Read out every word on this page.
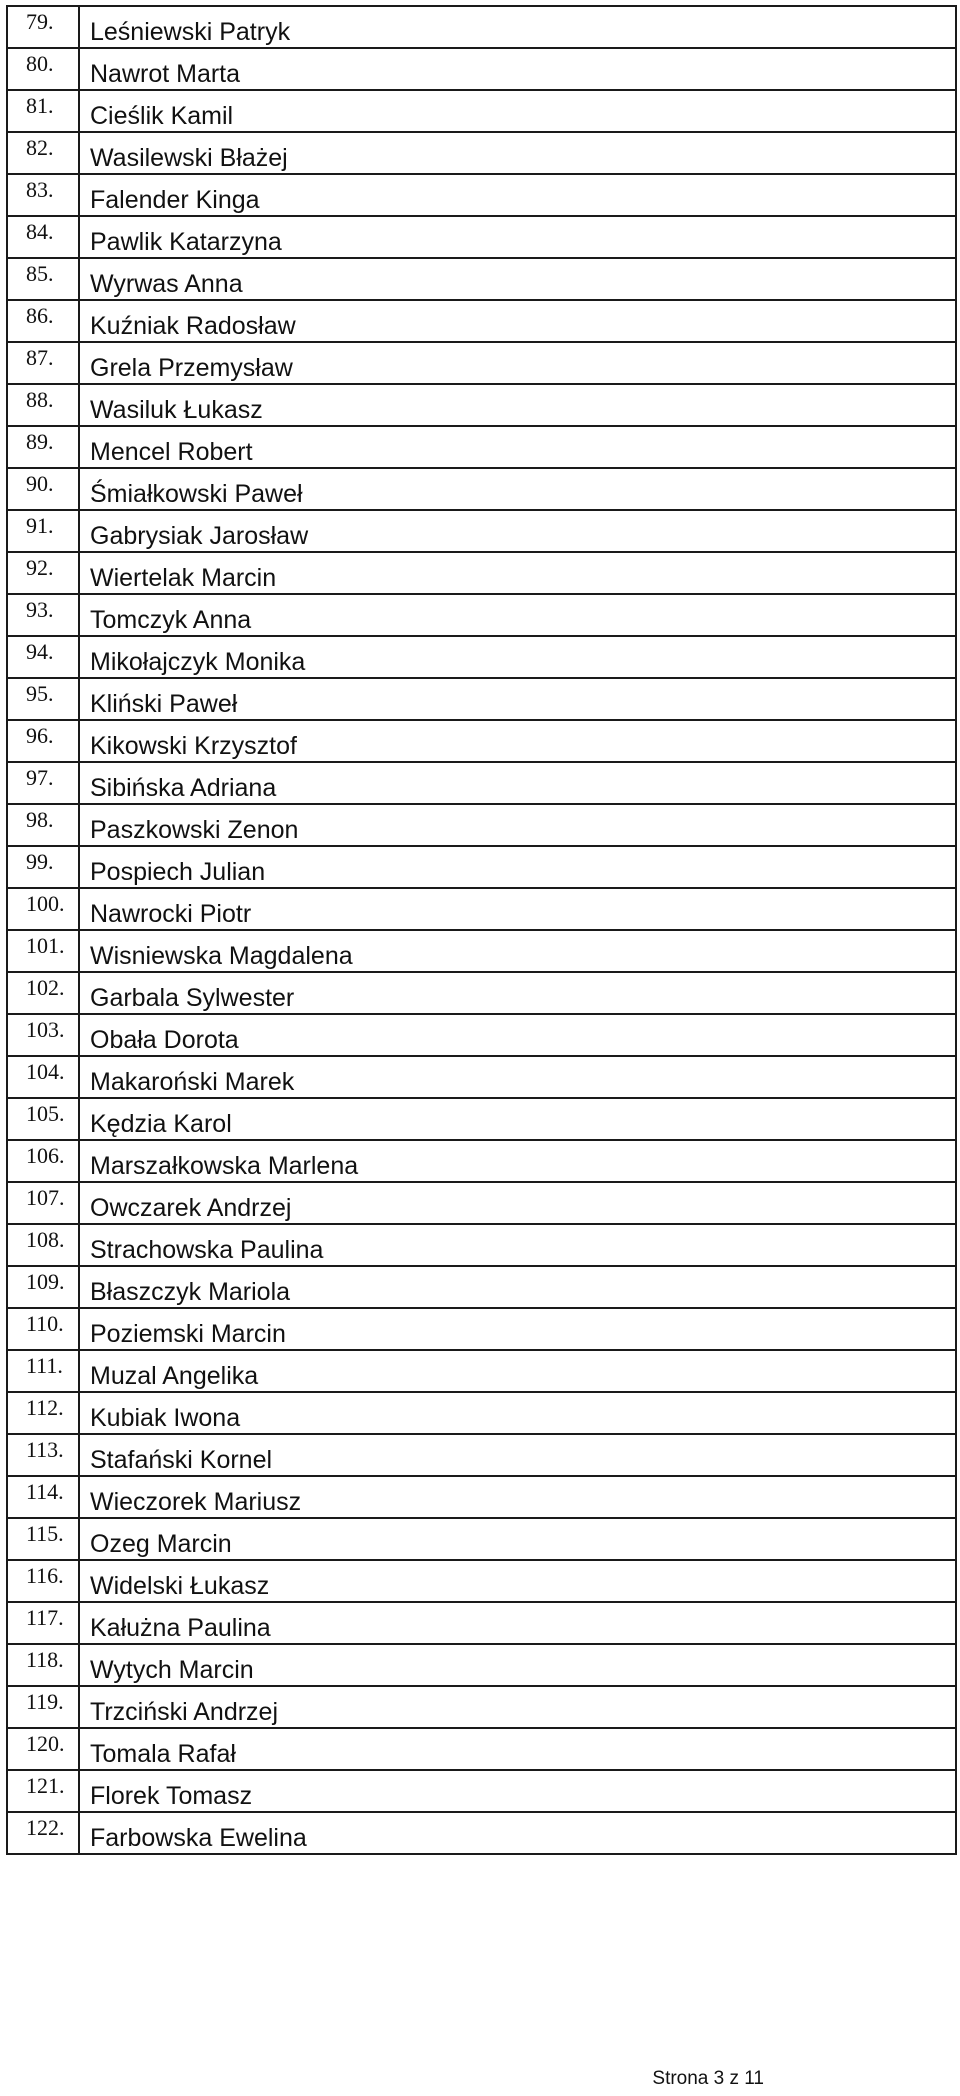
79.	Leśniewski Patryk
80.	Nawrot Marta
81.	Cieślik Kamil
82.	Wasilewski Błażej
83.	Falender Kinga
84.	Pawlik Katarzyna
85.	Wyrwas Anna
86.	Kuźniak Radosław
87.	Grela Przemysław
88.	Wasiluk Łukasz
89.	Mencel Robert
90.	Śmiałkowski Paweł
91.	Gabrysiak Jarosław
92.	Wiertelak Marcin
93.	Tomczyk Anna
94.	Mikołajczyk Monika
95.	Kliński Paweł
96.	Kikowski Krzysztof
97.	Sibińska Adriana
98.	Paszkowski Zenon
99.	Pospiech Julian
100.	Nawrocki Piotr
101.	Wisniewska Magdalena
102.	Garbala Sylwester
103.	Obała Dorota
104.	Makaroński Marek
105.	Kędzia Karol
106.	Marszałkowska Marlena
107.	Owczarek Andrzej
108.	Strachowska Paulina
109.	Błaszczyk Mariola
110.	Poziemski Marcin
111.	Muzal Angelika
112.	Kubiak Iwona
113.	Stafański Kornel
114.	Wieczorek Mariusz
115.	Ozeg Marcin
116.	Widelski Łukasz
117.	Kałużna Paulina
118.	Wytych Marcin
119.	Trzciński Andrzej
120.	Tomala Rafał
121.	Florek Tomasz
122.	Farbowska Ewelina
Strona 3 z 11
